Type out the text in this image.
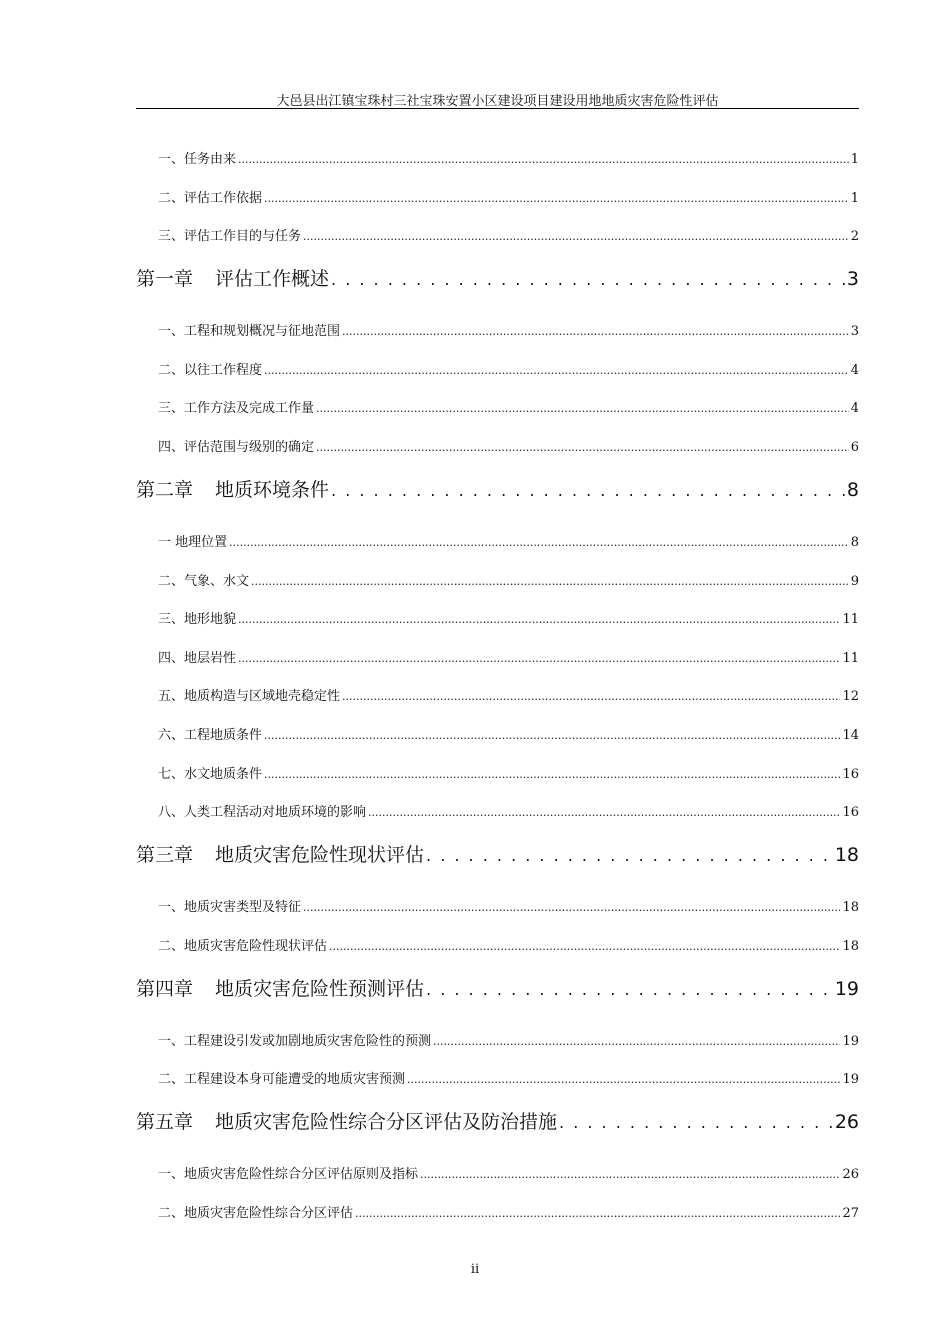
大邑县出江镇宝珠村三社宝珠安置小区建设项目建设用地地质灾害危险性评估
一、任务由来 .....	1
二、评估工作依据 .....	1
三、评估工作目的与任务 .....	2
第一章 评估工作概述 . . .	3
一、工程和规划概况与征地范围 .....	3
二、以往工作程度 .....	4
三、工作方法及完成工作量 .....	4
四、评估范围与级别的确定 .....	6
第二章 地质环境条件 . . .	8
一 地理位置 .....	8
二、气象、水文 .....	9
三、地形地貌 .....	11
四、地层岩性 .....	11
五、地质构造与区域地壳稳定性 .....	12
六、工程地质条件 .....	14
七、水文地质条件 .....	16
八、人类工程活动对地质环境的影响 .....	16
第三章 地质灾害危险性现状评估 . . .	18
一、地质灾害类型及特征 .....	18
二、地质灾害危险性现状评估 .....	18
第四章 地质灾害危险性预测评估 . . .	19
一、工程建设引发或加剧地质灾害危险性的预测 .....	19
二、工程建设本身可能遭受的地质灾害预测 .....	19
第五章 地质灾害危险性综合分区评估及防治措施 . . .	26
一、地质灾害危险性综合分区评估原则及指标 .....	26
二、地质灾害危险性综合分区评估 .....	27
ii
